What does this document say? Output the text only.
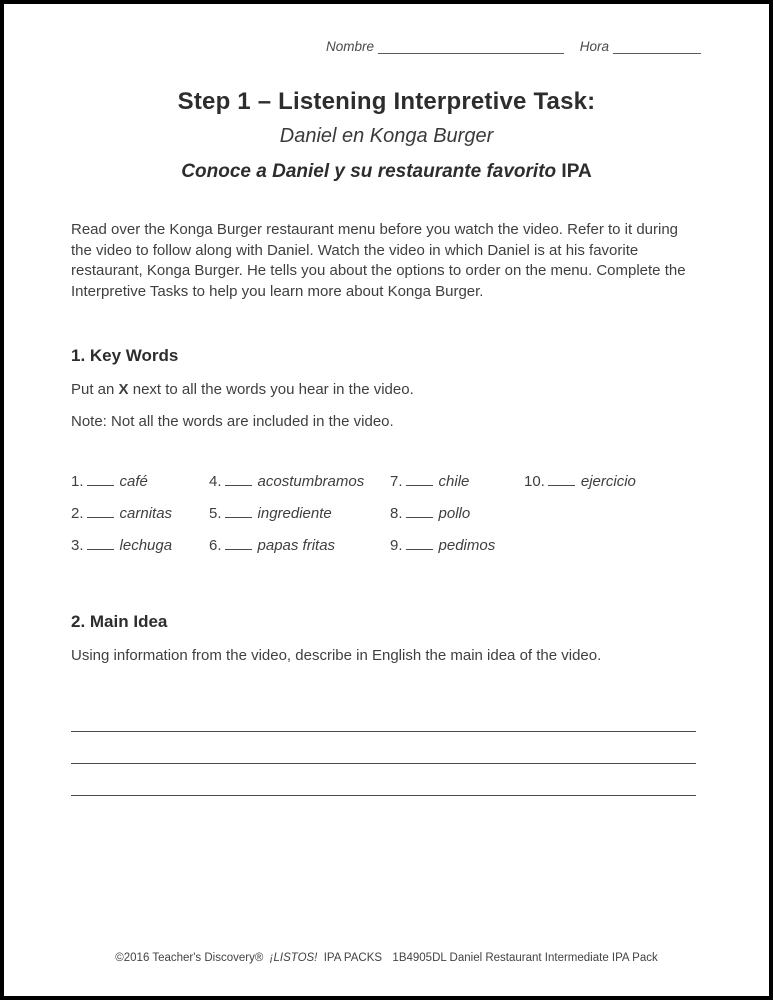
Nombre	Hora
Step 1 – Listening Interpretive Task:
Daniel en Konga Burger
Conoce a Daniel y su restaurante favorito IPA

Read over the Konga Burger restaurant menu before you watch the video. Refer to it during the video to follow along with Daniel. Watch the video in which Daniel is at his favorite restaurant, Konga Burger. He tells you about the options to order on the menu. Complete the Interpretive Tasks to help you learn more about Konga Burger.

1. Key Words

Put an X next to all the words you hear in the video.

Note: Not all the words are included in the video.

1. café
2. carnitas
3. lechuga
4. acostumbramos
5. ingrediente
6. papas fritas
7. chile
8. pollo
9. pedimos
10. ejercicio
2. Main Idea

Using information from the video, describe in English the main idea of the video.

©2016 Teacher's Discovery® ¡LISTOS! IPA PACKS 1B4905DL Daniel Restaurant Intermediate IPA Pack
